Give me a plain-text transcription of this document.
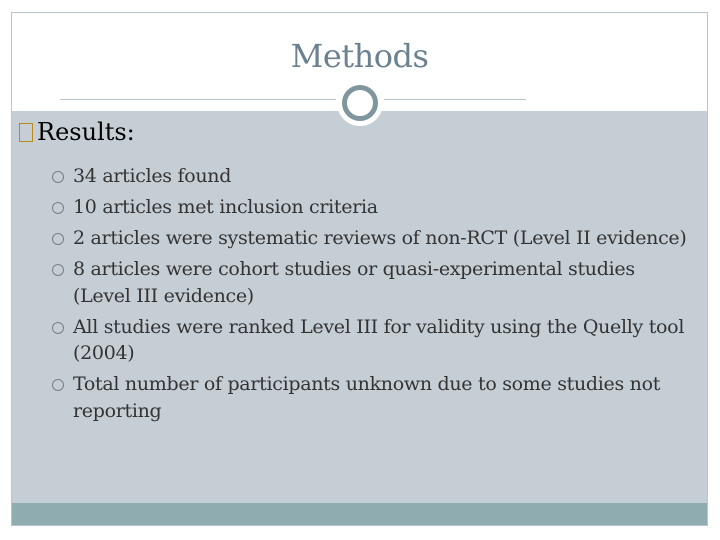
Methods
Results:
34 articles found
10 articles met inclusion criteria
2 articles were systematic reviews of non-RCT (Level II evidence)
8 articles were cohort studies or quasi-experimental studies (Level III evidence)
All studies were ranked Level III for validity using the Quelly tool (2004)
Total number of participants unknown due to some studies not reporting
